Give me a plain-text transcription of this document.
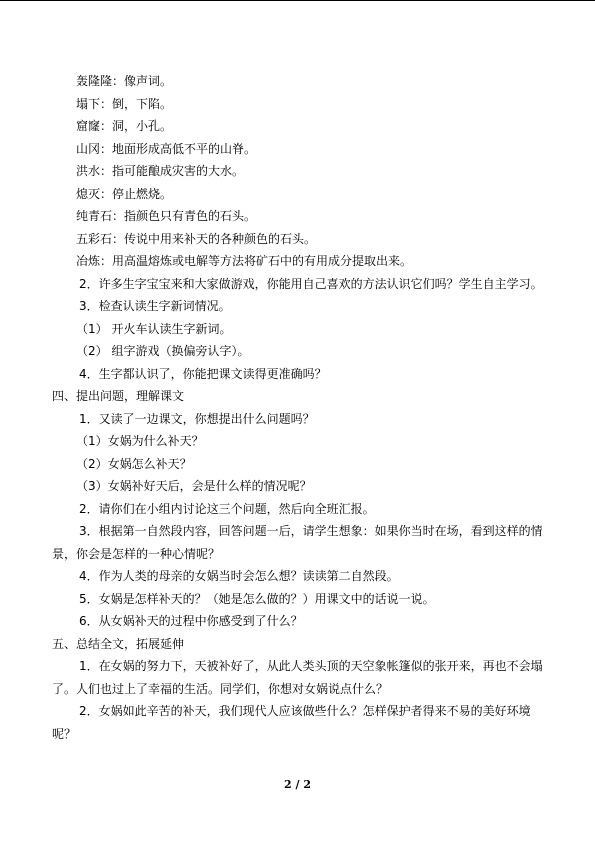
轰隆隆：像声词。
塌下：倒，下陷。
窟窿：洞，小孔。
山冈：地面形成高低不平的山脊。
洪水：指可能酿成灾害的大水。
熄灭：停止燃烧。
纯青石：指颜色只有青色的石头。
五彩石：传说中用来补天的各种颜色的石头。
冶炼：用高温熔炼或电解等方法将矿石中的有用成分提取出来。
2．许多生字宝宝来和大家做游戏，你能用自己喜欢的方法认识它们吗？学生自主学习。
3．检查认读生字新词情况。
（1） 开火车认读生字新词。
（2） 组字游戏（换偏旁认字）。
4．生字都认识了，你能把课文读得更准确吗？
四、提出问题，理解课文
1．又读了一边课文，你想提出什么问题吗？
（1）女娲为什么补天？
（2）女娲怎么补天？
（3）女娲补好天后，会是什么样的情况呢？
2．请你们在小组内讨论这三个问题，然后向全班汇报。
3．根据第一自然段内容，回答问题一后，请学生想象：如果你当时在场，看到这样的情
景，你会是怎样的一种心情呢？
4．作为人类的母亲的女娲当时会怎么想？读读第二自然段。
5．女娲是怎样补天的？（她是怎么做的？）用课文中的话说一说。
6．从女娲补天的过程中你感受到了什么？
五、总结全文，拓展延伸
1．在女娲的努力下，天被补好了，从此人类头顶的天空象帐篷似的张开来，再也不会塌
了。人们也过上了幸福的生活。同学们，你想对女娲说点什么？
2．女娲如此辛苦的补天，我们现代人应该做些什么？怎样保护者得来不易的美好环境
呢？
2 / 2
